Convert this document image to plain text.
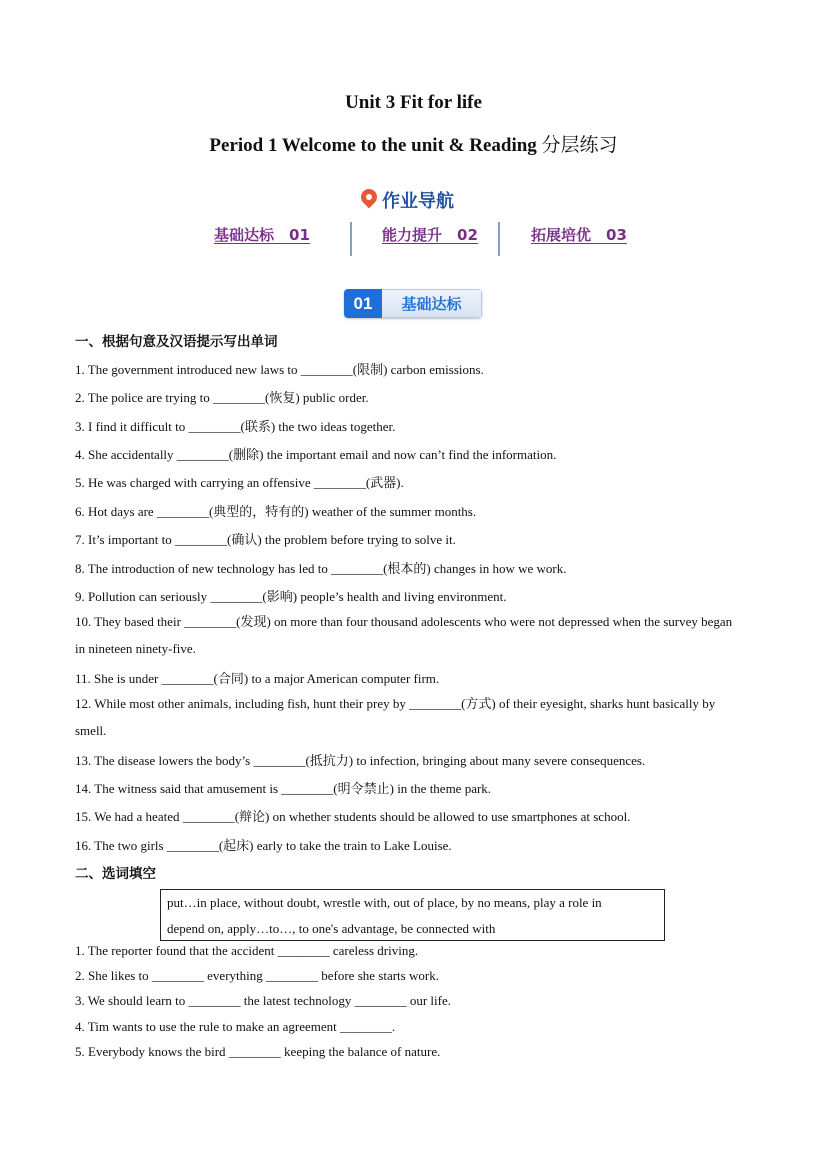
Unit 3 Fit for life
Period 1 Welcome to the unit & Reading 分层练习
作业导航
基础达标　01	能力提升　02	拓展培优　03
01	基础达标
一、根据句意及汉语提示写出单词
1. The government introduced new laws to ________(限制) carbon emissions.
2. The police are trying to ________(恢复) public order.
3. I find it difficult to ________(联系) the two ideas together.
4. She accidentally ________(删除) the important email and now can’t find the information.
5. He was charged with carrying an offensive ________(武器).
6. Hot days are ________(典型的，特有的) weather of the summer months.
7. It’s important to ________(确认) the problem before trying to solve it.
8. The introduction of new technology has led to ________(根本的) changes in how we work.
9. Pollution can seriously ________(影响) people’s health and living environment.
10. They based their ________(发现) on more than four thousand adolescents who were not depressed when the survey began in nineteen ninety-five.
11. She is under ________(合同) to a major American computer firm.
12. While most other animals, including fish, hunt their prey by ________(方式) of their eyesight, sharks hunt basically by smell.
13. The disease lowers the body’s ________(抵抗力) to infection, bringing about many severe consequences.
14. The witness said that amusement is ________(明令禁止) in the theme park.
15. We had a heated ________(辩论) on whether students should be allowed to use smartphones at school.
16. The two girls ________(起床) early to take the train to Lake Louise.
二、选词填空
put…in place, without doubt, wrestle with, out of place, by no means, play a role in
depend on, apply…to…, to one's advantage, be connected with
1. The reporter found that the accident ________ careless driving.
2. She likes to ________ everything ________ before she starts work.
3. We should learn to ________ the latest technology ________ our life.
4. Tim wants to use the rule to make an agreement ________.
5. Everybody knows the bird ________ keeping the balance of nature.
